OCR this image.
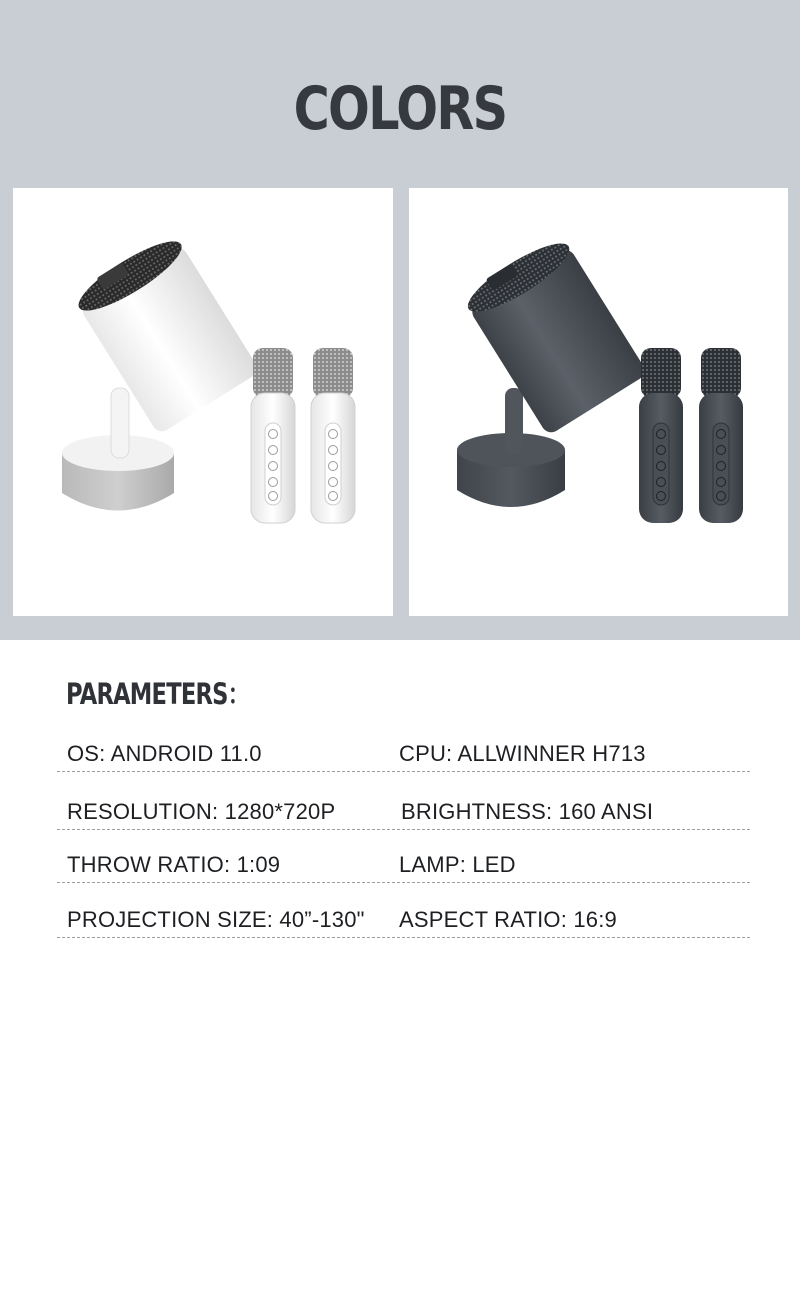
COLORS
PARAMETERS：
OS: ANDROID 11.0	CPU: ALLWINNER H713
RESOLUTION: 1280*720P	BRIGHTNESS: 160 ANSI
THROW RATIO: 1:09	LAMP: LED
PROJECTION SIZE: 40”-130" ASPECT RATIO: 16:9
